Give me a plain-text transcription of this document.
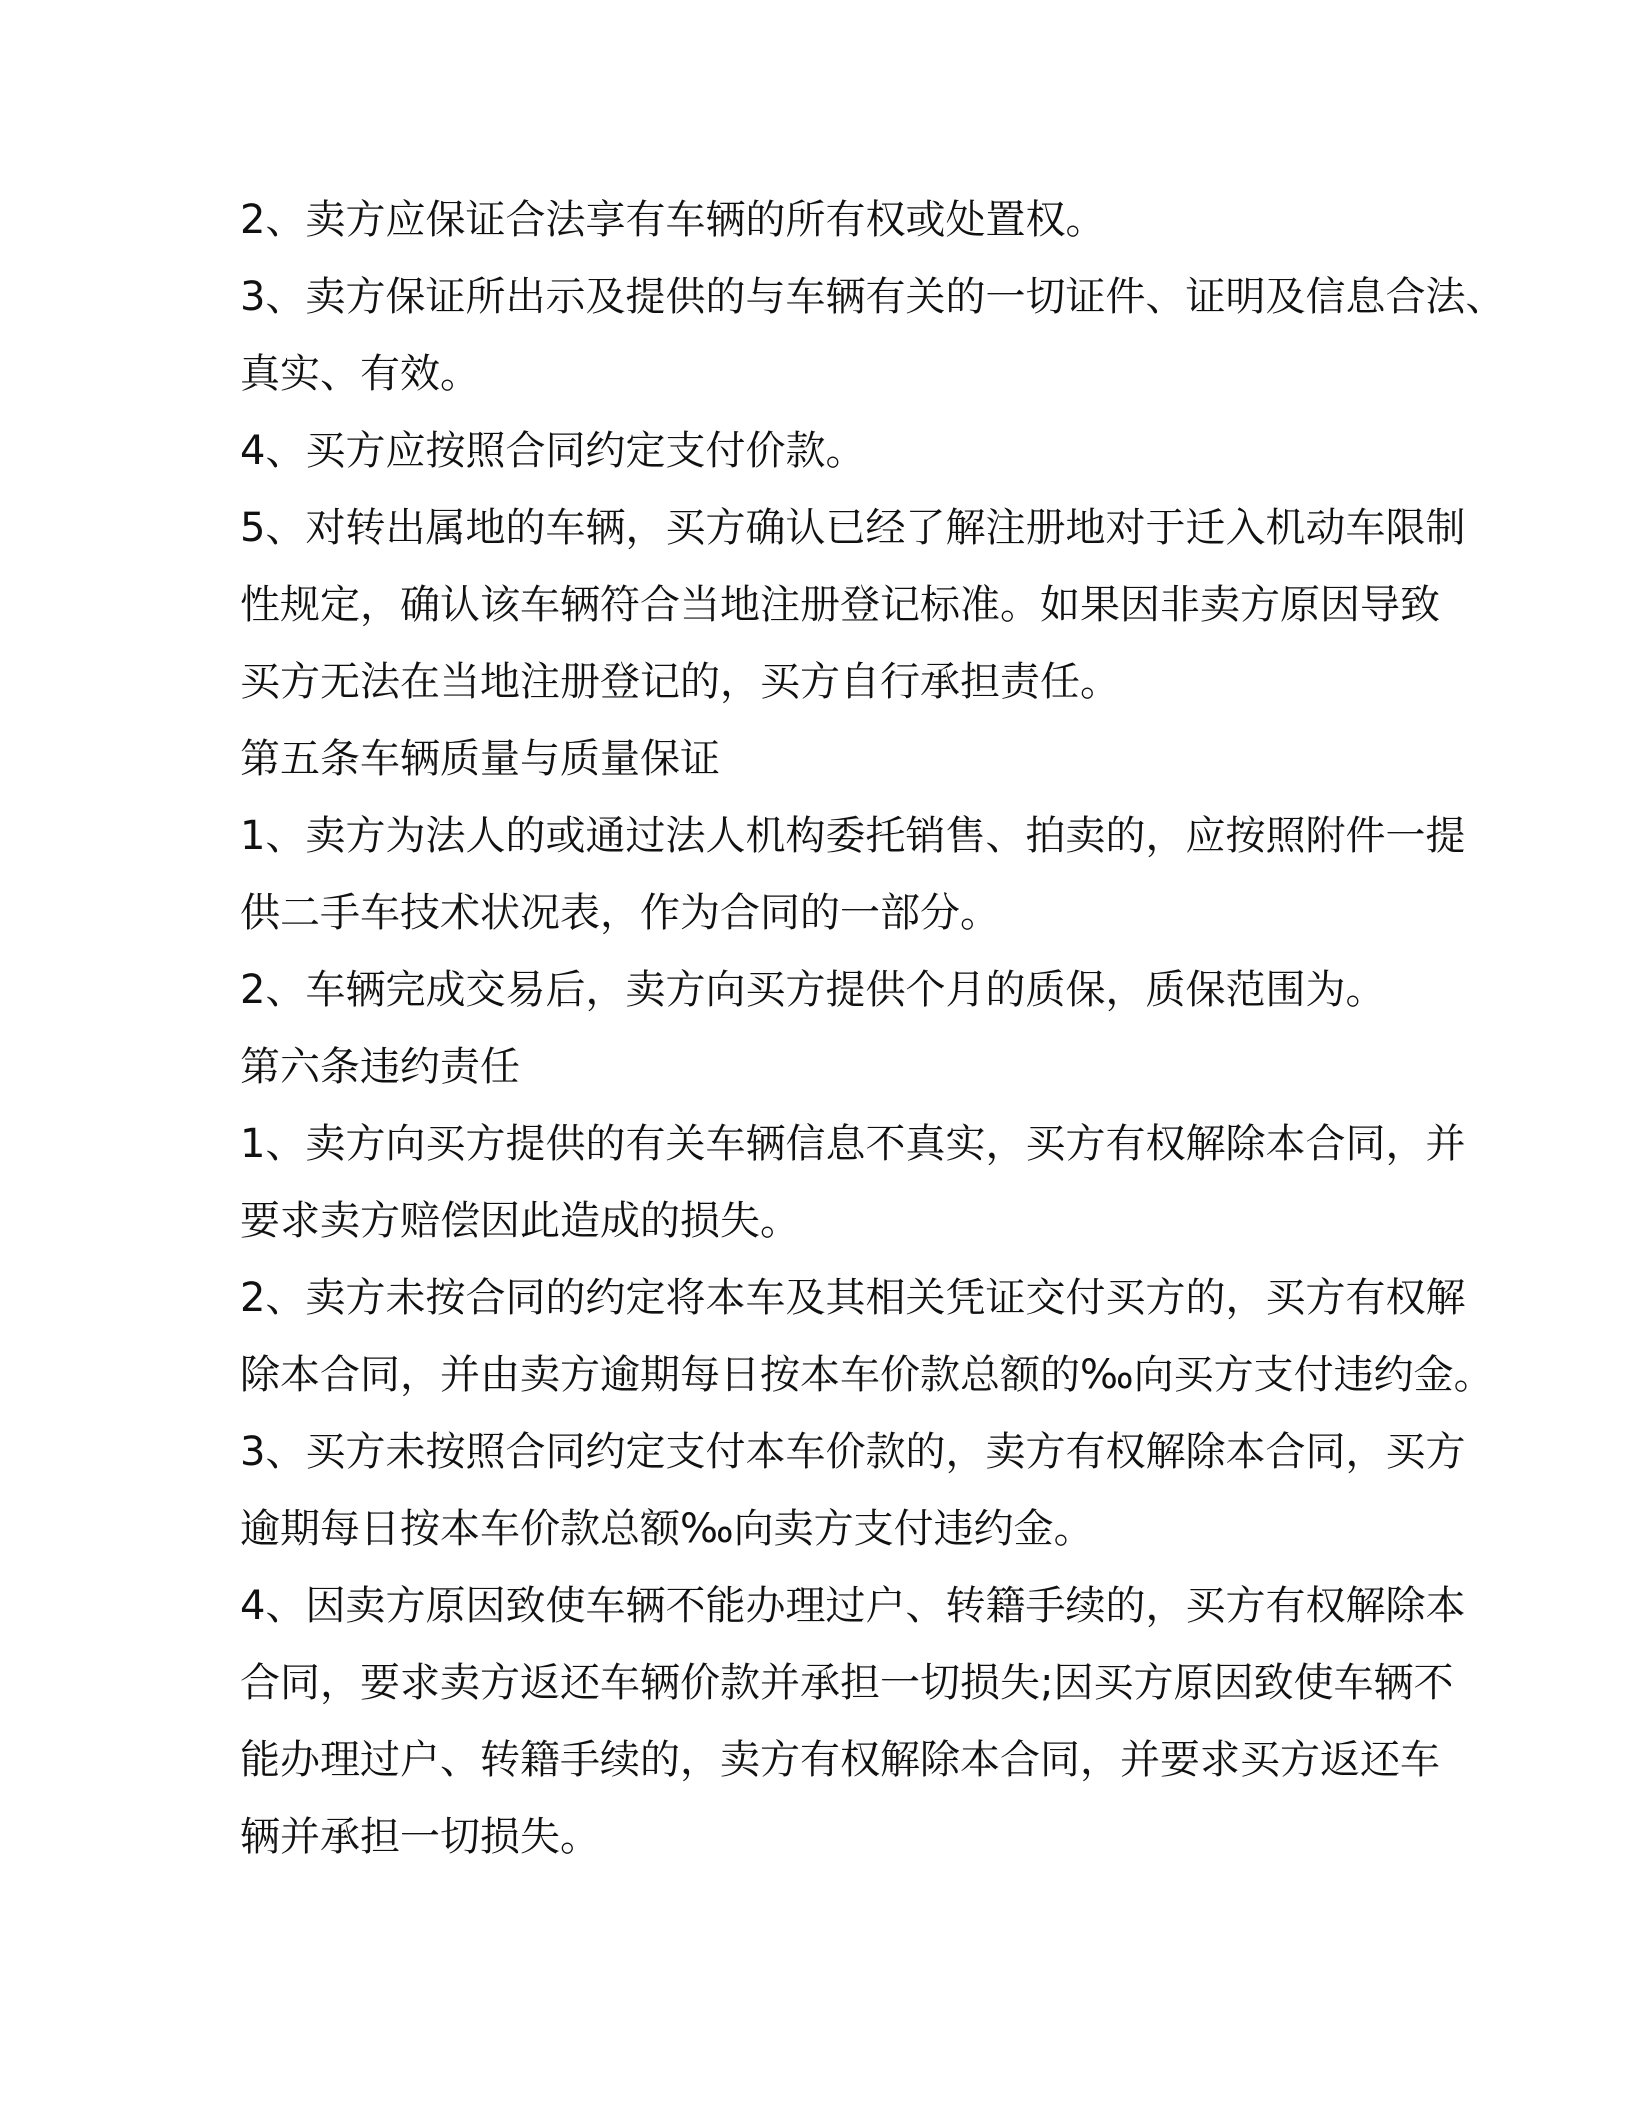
2、卖方应保证合法享有车辆的所有权或处置权。
3、卖方保证所出示及提供的与车辆有关的一切证件、证明及信息合法、
真实、有效。
4、买方应按照合同约定支付价款。
5、对转出属地的车辆，买方确认已经了解注册地对于迁入机动车限制
性规定，确认该车辆符合当地注册登记标准。如果因非卖方原因导致
买方无法在当地注册登记的，买方自行承担责任。
第五条车辆质量与质量保证
1、卖方为法人的或通过法人机构委托销售、拍卖的，应按照附件一提
供二手车技术状况表，作为合同的一部分。
2、车辆完成交易后，卖方向买方提供个月的质保，质保范围为。
第六条违约责任
1、卖方向买方提供的有关车辆信息不真实，买方有权解除本合同，并
要求卖方赔偿因此造成的损失。
2、卖方未按合同的约定将本车及其相关凭证交付买方的，买方有权解
除本合同，并由卖方逾期每日按本车价款总额的‰向买方支付违约金。
3、买方未按照合同约定支付本车价款的，卖方有权解除本合同，买方
逾期每日按本车价款总额‰向卖方支付违约金。
4、因卖方原因致使车辆不能办理过户、转籍手续的，买方有权解除本
合同，要求卖方返还车辆价款并承担一切损失;因买方原因致使车辆不
能办理过户、转籍手续的，卖方有权解除本合同，并要求买方返还车
辆并承担一切损失。
